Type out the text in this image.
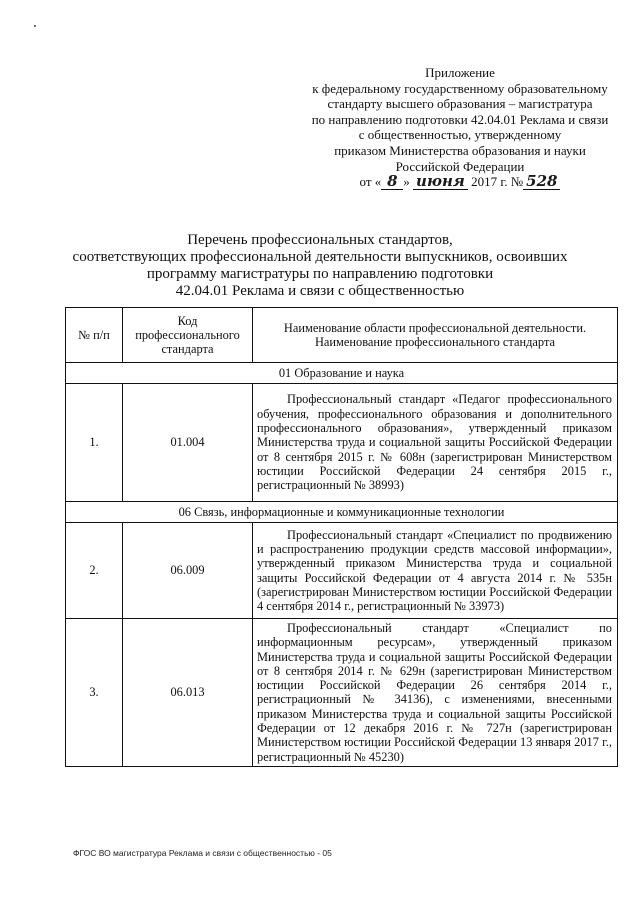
Приложение
к федеральному государственному образовательному
стандарту высшего образования – магистратура
по направлению подготовки 42.04.01 Реклама и связи
с общественностью, утвержденному
приказом Министерства образования и науки
Российской Федерации
от « 8 » июня 2017 г. № 528
Перечень профессиональных стандартов,
соответствующих профессиональной деятельности выпускников, освоивших
программу магистратуры по направлению подготовки
42.04.01 Реклама и связи с общественностью
№ п/п	Код профессионального стандарта	Наименование области профессиональной деятельности. Наименование профессионального стандарта
01 Образование и наука		
1.	01.004	Профессиональный стандарт «Педагог профессионального обучения, профессионального образования и дополнительного профессионального образования», утвержденный приказом Министерства труда и социальной защиты Российской Федерации от 8 сентября 2015 г. № 608н (зарегистрирован Министерством юстиции Российской Федерации 24 сентября 2015 г., регистрационный № 38993)
06 Связь, информационные и коммуникационные технологии		
2.	06.009	Профессиональный стандарт «Специалист по продвижению и распространению продукции средств массовой информации», утвержденный приказом Министерства труда и социальной защиты Российской Федерации от 4 августа 2014 г. № 535н (зарегистрирован Министерством юстиции Российской Федерации 4 сентября 2014 г., регистрационный № 33973)
3.	06.013	Профессиональный стандарт «Специалист по информационным ресурсам», утвержденный приказом Министерства труда и социальной защиты Российской Федерации от 8 сентября 2014 г. № 629н (зарегистрирован Министерством юстиции Российской Федерации 26 сентября 2014 г., регистрационный № 34136), с изменениями, внесенными приказом Министерства труда и социальной защиты Российской Федерации от 12 декабря 2016 г. № 727н (зарегистрирован Министерством юстиции Российской Федерации 13 января 2017 г., регистрационный № 45230)
ФГОС ВО магистратура Реклама и связи с общественностью - 05
